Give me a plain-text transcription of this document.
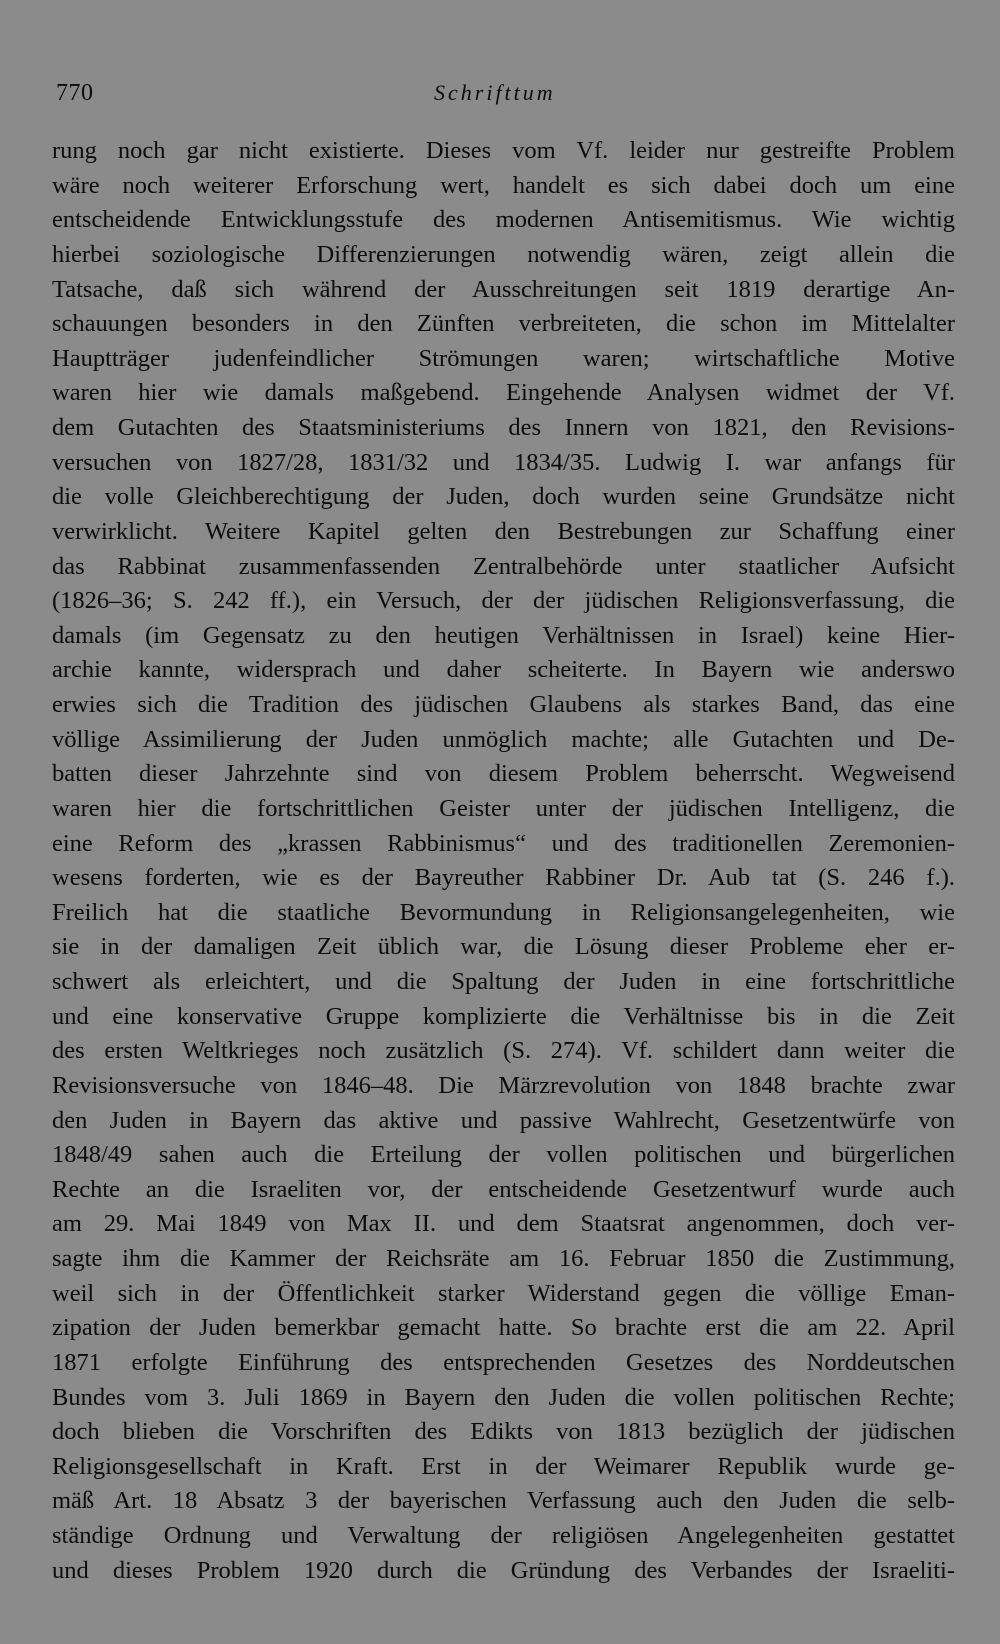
770	Schrifttum
rung noch gar nicht existierte. Dieses vom Vf. leider nur gestreifte Problem
wäre noch weiterer Erforschung wert, handelt es sich dabei doch um eine
entscheidende Entwicklungsstufe des modernen Antisemitismus. Wie wichtig
hierbei soziologische Differenzierungen notwendig wären, zeigt allein die
Tatsache, daß sich während der Ausschreitungen seit 1819 derartige An-
schauungen besonders in den Zünften verbreiteten, die schon im Mittelalter
Hauptträger judenfeindlicher Strömungen waren; wirtschaftliche Motive
waren hier wie damals maßgebend. Eingehende Analysen widmet der Vf.
dem Gutachten des Staatsministeriums des Innern von 1821, den Revisions-
versuchen von 1827/28, 1831/32 und 1834/35. Ludwig I. war anfangs für
die volle Gleichberechtigung der Juden, doch wurden seine Grundsätze nicht
verwirklicht. Weitere Kapitel gelten den Bestrebungen zur Schaffung einer
das Rabbinat zusammenfassenden Zentralbehörde unter staatlicher Aufsicht
(1826–36; S. 242 ff.), ein Versuch, der der jüdischen Religionsverfassung, die
damals (im Gegensatz zu den heutigen Verhältnissen in Israel) keine Hier-
archie kannte, widersprach und daher scheiterte. In Bayern wie anderswo
erwies sich die Tradition des jüdischen Glaubens als starkes Band, das eine
völlige Assimilierung der Juden unmöglich machte; alle Gutachten und De-
batten dieser Jahrzehnte sind von diesem Problem beherrscht. Wegweisend
waren hier die fortschrittlichen Geister unter der jüdischen Intelligenz, die
eine Reform des „krassen Rabbinismus“ und des traditionellen Zeremonien-
wesens forderten, wie es der Bayreuther Rabbiner Dr. Aub tat (S. 246 f.).
Freilich hat die staatliche Bevormundung in Religionsangelegenheiten, wie
sie in der damaligen Zeit üblich war, die Lösung dieser Probleme eher er-
schwert als erleichtert, und die Spaltung der Juden in eine fortschrittliche
und eine konservative Gruppe komplizierte die Verhältnisse bis in die Zeit
des ersten Weltkrieges noch zusätzlich (S. 274). Vf. schildert dann weiter die
Revisionsversuche von 1846–48. Die Märzrevolution von 1848 brachte zwar
den Juden in Bayern das aktive und passive Wahlrecht, Gesetzentwürfe von
1848/49 sahen auch die Erteilung der vollen politischen und bürgerlichen
Rechte an die Israeliten vor, der entscheidende Gesetzentwurf wurde auch
am 29. Mai 1849 von Max II. und dem Staatsrat angenommen, doch ver-
sagte ihm die Kammer der Reichsräte am 16. Februar 1850 die Zustimmung,
weil sich in der Öffentlichkeit starker Widerstand gegen die völlige Eman-
zipation der Juden bemerkbar gemacht hatte. So brachte erst die am 22. April
1871 erfolgte Einführung des entsprechenden Gesetzes des Norddeutschen
Bundes vom 3. Juli 1869 in Bayern den Juden die vollen politischen Rechte;
doch blieben die Vorschriften des Edikts von 1813 bezüglich der jüdischen
Religionsgesellschaft in Kraft. Erst in der Weimarer Republik wurde ge-
mäß Art. 18 Absatz 3 der bayerischen Verfassung auch den Juden die selb-
ständige Ordnung und Verwaltung der religiösen Angelegenheiten gestattet
und dieses Problem 1920 durch die Gründung des Verbandes der Israeliti-
